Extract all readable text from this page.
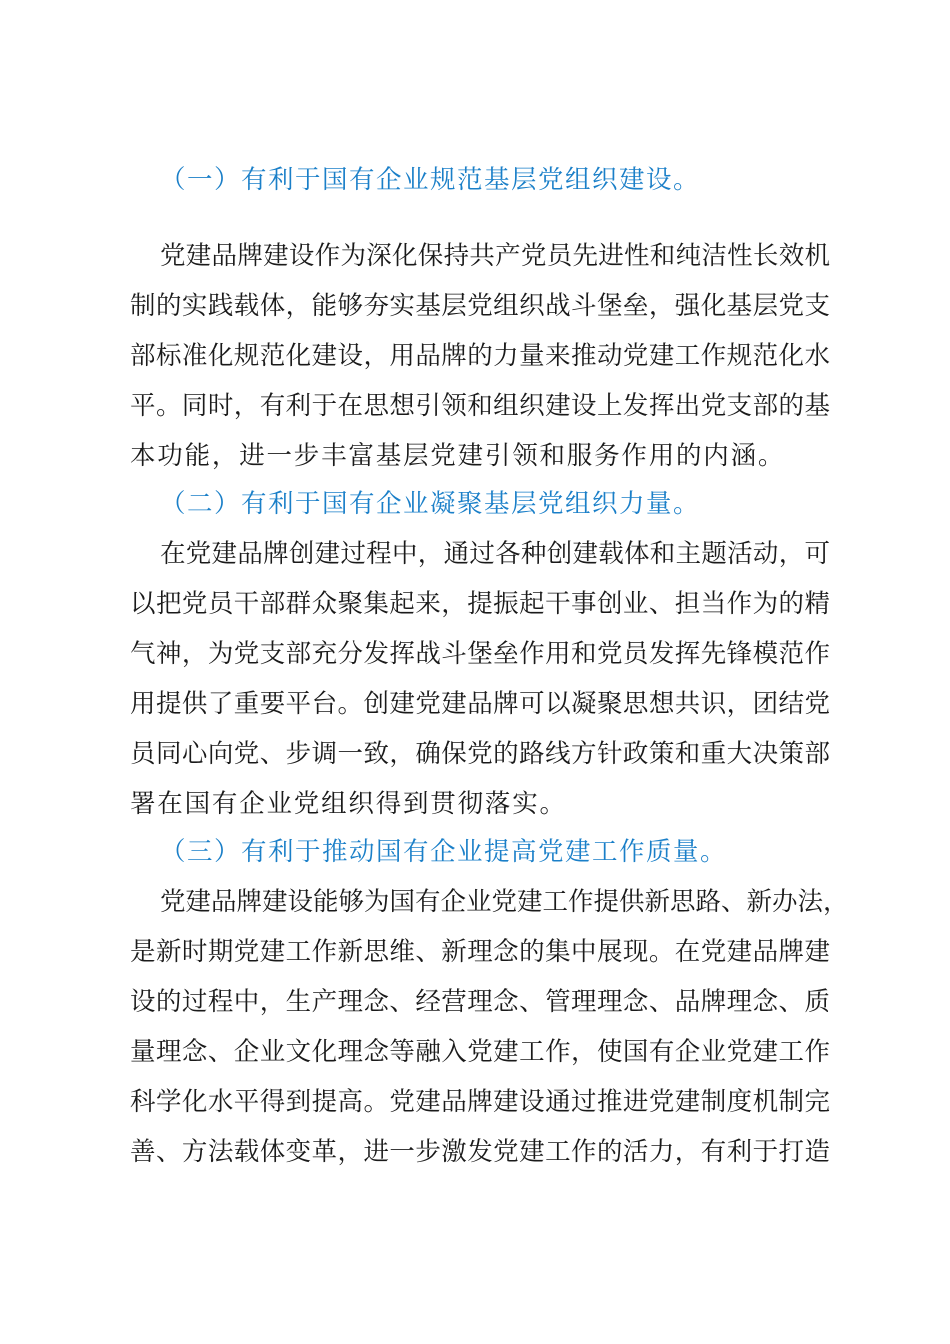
（一）有利于国有企业规范基层党组织建设。
党建品牌建设作为深化保持共产党员先进性和纯洁性长效机
制的实践载体，能够夯实基层党组织战斗堡垒，强化基层党支
部标准化规范化建设，用品牌的力量来推动党建工作规范化水
平。同时，有利于在思想引领和组织建设上发挥出党支部的基
本功能，进一步丰富基层党建引领和服务作用的内涵。
（二）有利于国有企业凝聚基层党组织力量。
在党建品牌创建过程中，通过各种创建载体和主题活动，可
以把党员干部群众聚集起来，提振起干事创业、担当作为的精
气神，为党支部充分发挥战斗堡垒作用和党员发挥先锋模范作
用提供了重要平台。创建党建品牌可以凝聚思想共识，团结党
员同心向党、步调一致，确保党的路线方针政策和重大决策部
署在国有企业党组织得到贯彻落实。
（三）有利于推动国有企业提高党建工作质量。
党建品牌建设能够为国有企业党建工作提供新思路、新办法，
是新时期党建工作新思维、新理念的集中展现。在党建品牌建
设的过程中，生产理念、经营理念、管理理念、品牌理念、质
量理念、企业文化理念等融入党建工作，使国有企业党建工作
科学化水平得到提高。党建品牌建设通过推进党建制度机制完
善、方法载体变革，进一步激发党建工作的活力，有利于打造
